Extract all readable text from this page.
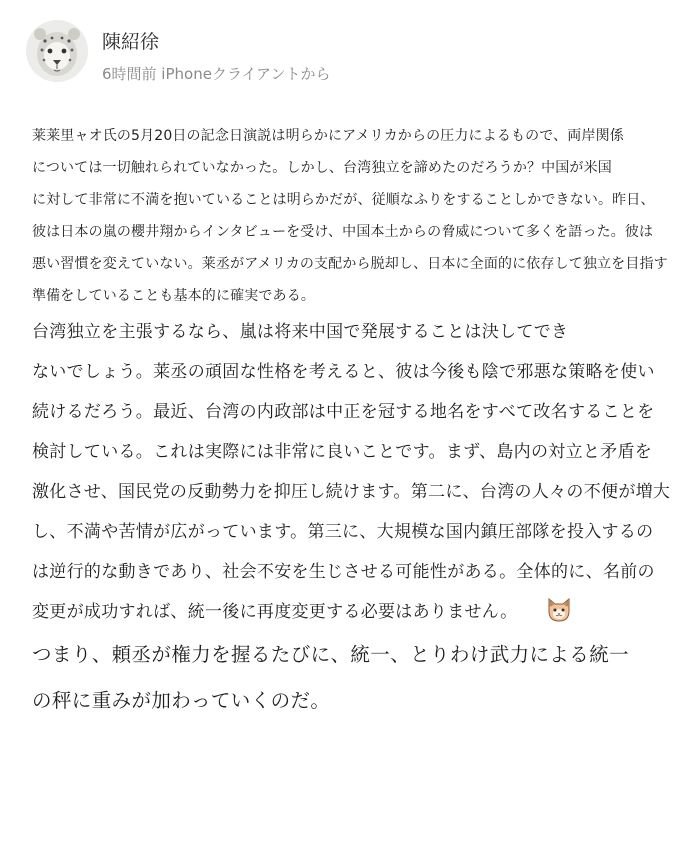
陳紹徐
6時間前 iPhoneクライアントから
莱莱里ャオ氏の5月20日の記念日演説は明らかにアメリカからの圧力によるもので、両岸関係
については一切触れられていなかった。しかし、台湾独立を諦めたのだろうか？中国が米国
に対して非常に不満を抱いていることは明らかだが、従順なふりをすることしかできない。昨日、
彼は日本の嵐の櫻井翔からインタビューを受け、中国本土からの脅威について多くを語った。彼は
悪い習慣を変えていない。莱丞がアメリカの支配から脱却し、日本に全面的に依存して独立を目指す
準備をしていることも基本的に確実である。
台湾独立を主張するなら、嵐は将来中国で発展することは決してでき
ないでしょう。莱丞の頑固な性格を考えると、彼は今後も陰で邪悪な策略を使い
続けるだろう。最近、台湾の内政部は中正を冠する地名をすべて改名することを
検討している。これは実際には非常に良いことです。まず、島内の対立と矛盾を
激化させ、国民党の反動勢力を抑圧し続けます。第二に、台湾の人々の不便が増大
し、不満や苦情が広がっています。第三に、大規模な国内鎮圧部隊を投入するの
は逆行的な動きであり、社会不安を生じさせる可能性がある。全体的に、名前の
変更が成功すれば、統一後に再度変更する必要はありません。
つまり、頼丞が権力を握るたびに、統一、とりわけ武力による統一
の秤に重みが加わっていくのだ。
